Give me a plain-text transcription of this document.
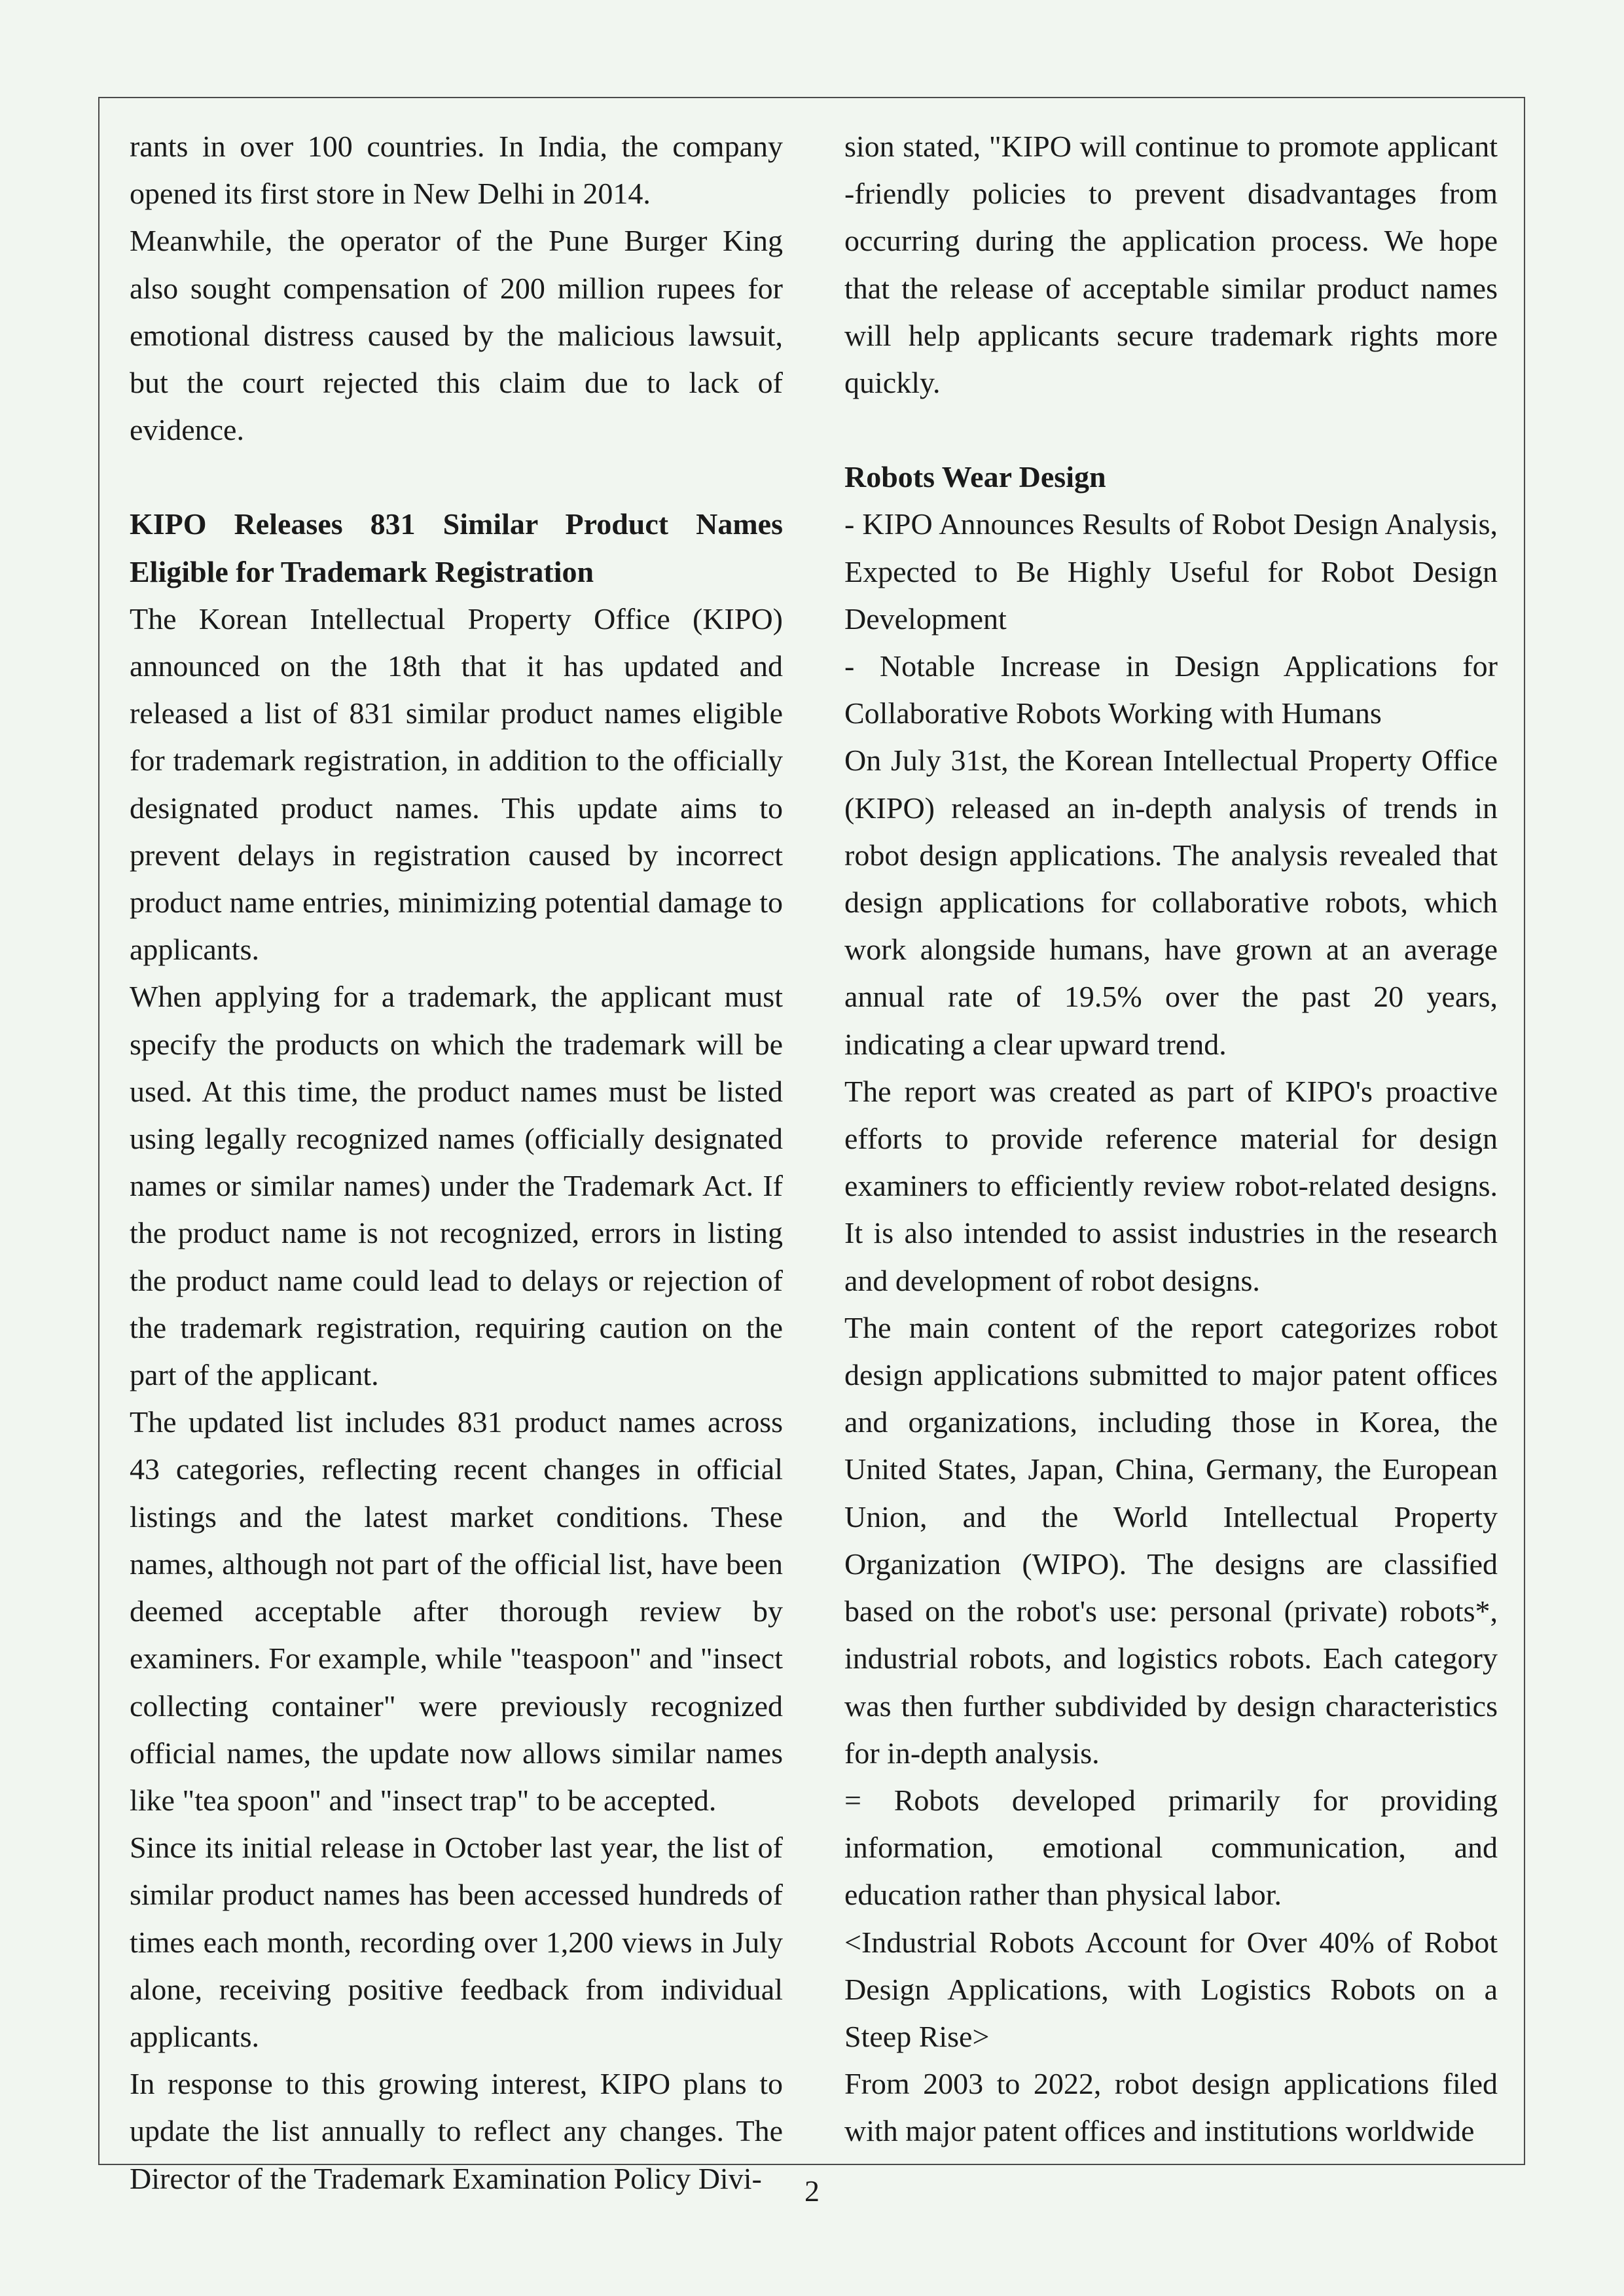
rants in over 100 countries. In India, the company opened its first store in New Delhi in 2014.

Meanwhile, the operator of the Pune Burger King also sought compensation of 200 million rupees for emotional distress caused by the malicious lawsuit, but the court rejected this claim due to lack of evidence.

KIPO Releases 831 Similar Product Names Eligible for Trademark Registration

The Korean Intellectual Property Office (KIPO) announced on the 18th that it has updated and released a list of 831 similar product names eligible for trademark registration, in addition to the officially designated product names. This update aims to prevent delays in registration caused by incorrect product name entries, minimizing potential damage to applicants.

When applying for a trademark, the applicant must specify the products on which the trademark will be used. At this time, the product names must be listed using legally recognized names (officially designated names or similar names) under the Trademark Act. If the product name is not recognized, errors in listing the product name could lead to delays or rejection of the trademark registration, requiring caution on the part of the applicant.

The updated list includes 831 product names across 43 categories, reflecting recent changes in official listings and the latest market conditions. These names, although not part of the official list, have been deemed acceptable after thorough review by examiners. For example, while "teaspoon" and "insect collecting container" were previously recognized official names, the update now allows similar names like "tea spoon" and "insect trap" to be accepted.

Since its initial release in October last year, the list of similar product names has been accessed hundreds of times each month, recording over 1,200 views in July alone, receiving positive feedback from individual applicants.

In response to this growing interest, KIPO plans to update the list annually to reflect any changes. The Director of the Trademark Examination Policy Divi-

sion stated, "KIPO will continue to promote applicant -friendly policies to prevent disadvantages from occurring during the application process. We hope that the release of acceptable similar product names will help applicants secure trademark rights more quickly.

Robots Wear Design

- KIPO Announces Results of Robot Design Analysis, Expected to Be Highly Useful for Robot Design Development

- Notable Increase in Design Applications for Collaborative Robots Working with Humans

On July 31st, the Korean Intellectual Property Office (KIPO) released an in-depth analysis of trends in robot design applications. The analysis revealed that design applications for collaborative robots, which work alongside humans, have grown at an average annual rate of 19.5% over the past 20 years, indicating a clear upward trend.

The report was created as part of KIPO's proactive efforts to provide reference material for design examiners to efficiently review robot-related designs. It is also intended to assist industries in the research and development of robot designs.

The main content of the report categorizes robot design applications submitted to major patent offices and organizations, including those in Korea, the United States, Japan, China, Germany, the European Union, and the World Intellectual Property Organization (WIPO). The designs are classified based on the robot's use: personal (private) robots*, industrial robots, and logistics robots. Each category was then further subdivided by design characteristics for in-depth analysis.

= Robots developed primarily for providing information, emotional communication, and education rather than physical labor.

<Industrial Robots Account for Over 40% of Robot Design Applications, with Logistics Robots on a Steep Rise>

From 2003 to 2022, robot design applications filed with major patent offices and institutions worldwide

2
